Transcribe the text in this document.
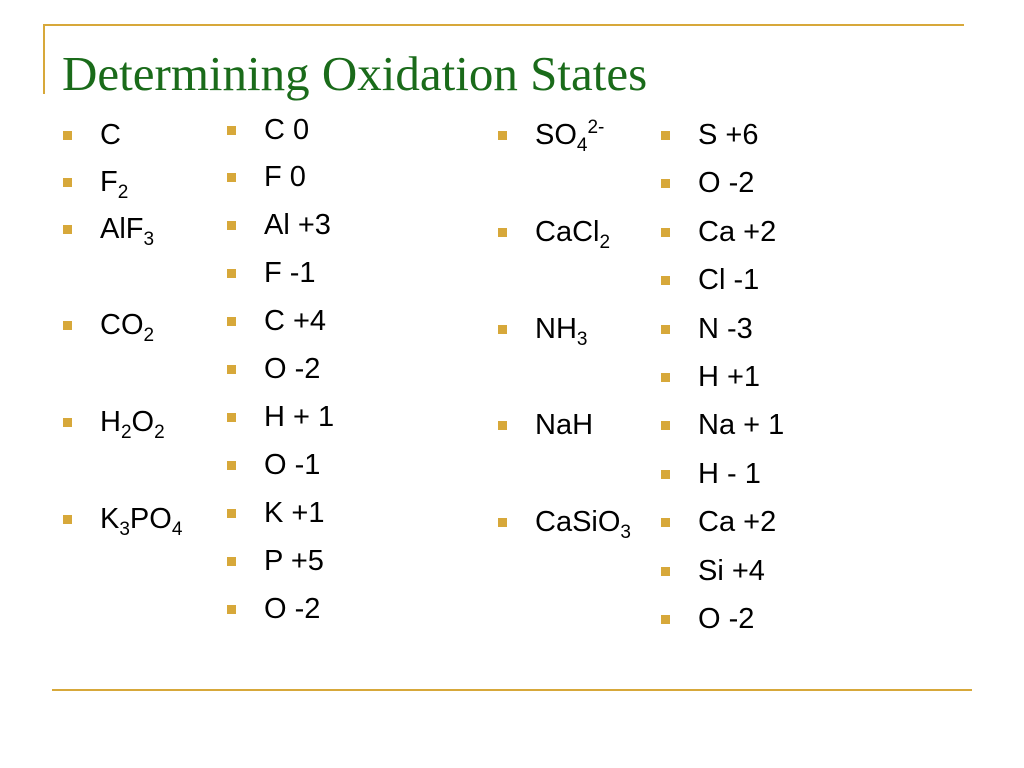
Determining Oxidation States
C
$F_2$
AlF$_3$
$CO_2$
$H_2O_2$
$K_3PO_4$
C 0
F 0
Al +3
F -1
C +4
O -2
H + 1
O -1
K +1
P +5
O -2
$SO_4^{2-}$
CaCl$_2$
$NH_3$
NaH
CaSiO$_3$
S +6
O -2
Ca +2
Cl -1
N -3
H +1
Na + 1
H - 1
Ca +2
Si +4
O -2
